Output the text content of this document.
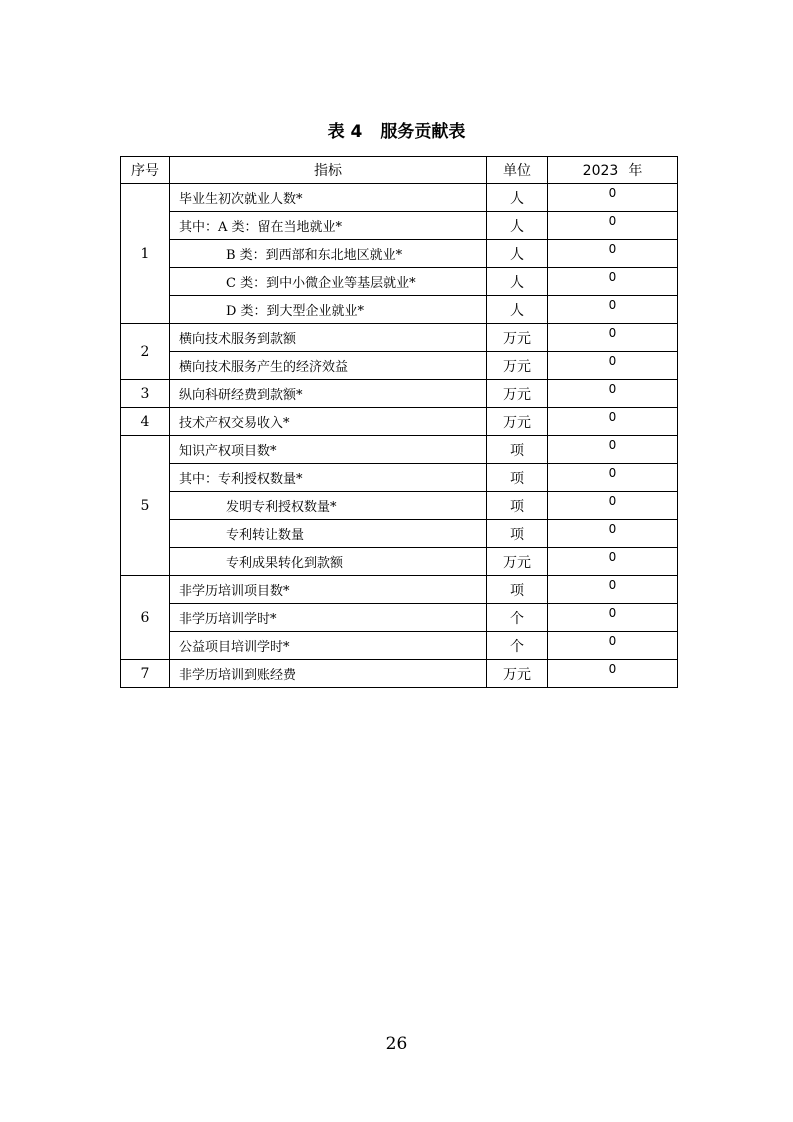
表 4 服务贡献表
序号	指标	单位	2023 年
1	毕业生初次就业人数*	人	0
	其中：A 类：留在当地就业*	人	0
	B 类：到西部和东北地区就业*	人	0
	C 类：到中小微企业等基层就业*	人	0
	D 类：到大型企业就业*	人	0
2	横向技术服务到款额	万元	0
	横向技术服务产生的经济效益	万元	0
3	纵向科研经费到款额*	万元	0
4	技术产权交易收入*	万元	0
5	知识产权项目数*	项	0
	其中：专利授权数量*	项	0
	发明专利授权数量*	项	0
	专利转让数量	项	0
	专利成果转化到款额	万元	0
6	非学历培训项目数*	项	0
	非学历培训学时*	个	0
	公益项目培训学时*	个	0
7	非学历培训到账经费	万元	0
26
